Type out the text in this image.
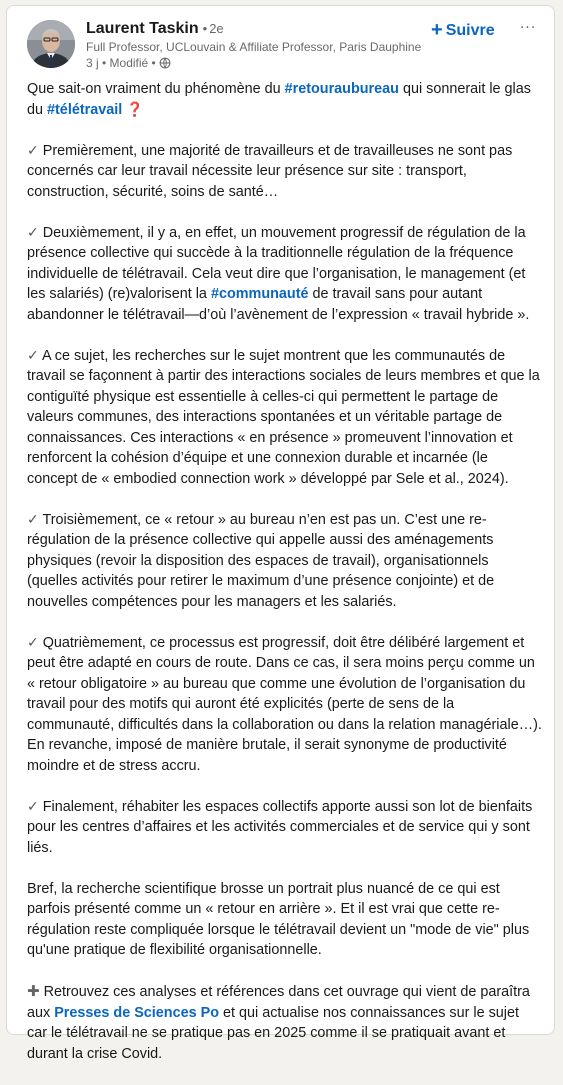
Laurent Taskin • 2e
Full Professor, UCLouvain & Affiliate Professor, Paris Dauphine
3 j • Modifié •
+ Suivre ···

Que sait-on vraiment du phénomène du #retouraubureau qui sonnerait le glas du #télétravail ❓

✓ Premièrement, une majorité de travailleurs et de travailleuses ne sont pas concernés car leur travail nécessite leur présence sur site : transport, construction, sécurité, soins de santé…

✓ Deuxièmement, il y a, en effet, un mouvement progressif de régulation de la présence collective qui succède à la traditionnelle régulation de la fréquence individuelle de télétravail. Cela veut dire que l’organisation, le management (et les salariés) (re)valorisent la #communauté de travail sans pour autant abandonner le télétravail—d’où l’avènement de l’expression « travail hybride ».

✓ A ce sujet, les recherches sur le sujet montrent que les communautés de travail se façonnent à partir des interactions sociales de leurs membres et que la contiguïté physique est essentielle à celles-ci qui permettent le partage de valeurs communes, des interactions spontanées et un véritable partage de connaissances. Ces interactions « en présence » promeuvent l’innovation et renforcent la cohésion d’équipe et une connexion durable et incarnée (le concept de « embodied connection work » développé par Sele et al., 2024).

✓ Troisièmement, ce « retour » au bureau n’en est pas un. C’est une re-régulation de la présence collective qui appelle aussi des aménagements physiques (revoir la disposition des espaces de travail), organisationnels (quelles activités pour retirer le maximum d’une présence conjointe) et de nouvelles compétences pour les managers et les salariés.

✓ Quatrièmement, ce processus est progressif, doit être délibéré largement et peut être adapté en cours de route. Dans ce cas, il sera moins perçu comme un « retour obligatoire » au bureau que comme une évolution de l’organisation du travail pour des motifs qui auront été explicités (perte de sens de la communauté, difficultés dans la collaboration ou dans la relation managériale…). En revanche, imposé de manière brutale, il serait synonyme de productivité moindre et de stress accru.

✓ Finalement, réhabiter les espaces collectifs apporte aussi son lot de bienfaits pour les centres d’affaires et les activités commerciales et de service qui y sont liés.

Bref, la recherche scientifique brosse un portrait plus nuancé de ce qui est parfois présenté comme un « retour en arrière ». Et il est vrai que cette re-régulation reste compliquée lorsque le télétravail devient un "mode de vie" plus qu'une pratique de flexibilité organisationnelle.

✚ Retrouvez ces analyses et références dans cet ouvrage qui vient de paraîtra aux Presses de Sciences Po et qui actualise nos connaissances sur le sujet car le télétravail ne se pratique pas en 2025 comme il se pratiquait avant et durant la crise Covid.
